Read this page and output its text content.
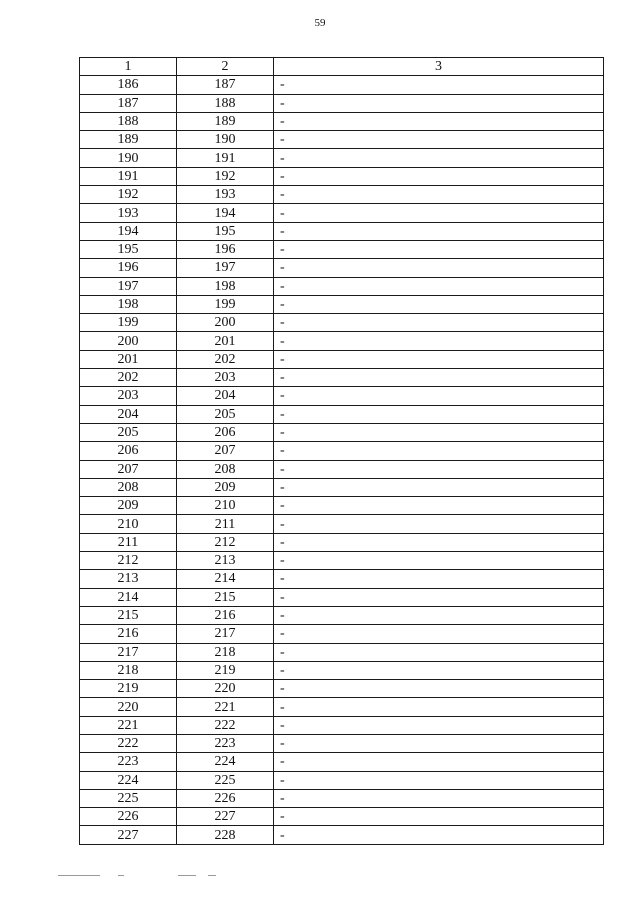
59
1	2	3
186	187	-
187	188	-
188	189	-
189	190	-
190	191	-
191	192	-
192	193	-
193	194	-
194	195	-
195	196	-
196	197	-
197	198	-
198	199	-
199	200	-
200	201	-
201	202	-
202	203	-
203	204	-
204	205	-
205	206	-
206	207	-
207	208	-
208	209	-
209	210	-
210	211	-
211	212	-
212	213	-
213	214	-
214	215	-
215	216	-
216	217	-
217	218	-
218	219	-
219	220	-
220	221	-
221	222	-
222	223	-
223	224	-
224	225	-
225	226	-
226	227	-
227	228	-
